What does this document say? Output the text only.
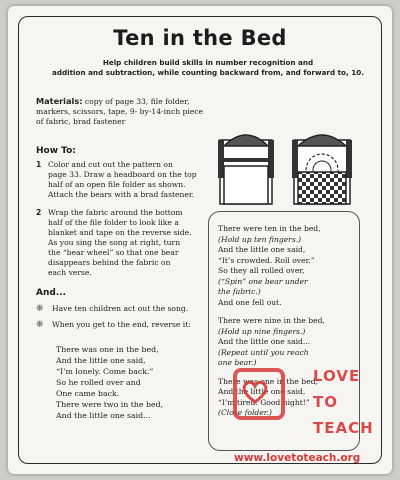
Ten in the Bed
Help children build skills in number recognition and
addition and subtraction, while counting backward from, and forward to, 10.
Materials: copy of page 33, file folder,
markers, scissors, tape, 9- by-14-inch piece
of fabric, brad fastener
How To:
1 Color and cut out the pattern on
page 33. Draw a headboard on the top
half of an open file folder as shown.
Attach the bears with a brad fastener.
2 Wrap the fabric around the bottom
half of the file folder to look like a
blanket and tape on the reverse side.
As you sing the song at right, turn
the “bear wheel” so that one bear
disappears behind the fabric on
each verse.
And...
❋ Have ten children act out the song.
❋ When you get to the end, reverse it:
There was one in the bed,
And the little one said,
“I’m lonely. Come back.”
So he rolled over and
One came back.
There were two in the bed,
And the little one said...
There were ten in the bed,
(Hold up ten fingers.)
And the little one said,
“It’s crowded. Roll over.”
So they all rolled over,
(“Spin” one bear under
the fabric.)
And one fell out.
There were nine in the bed,
(Hold up nine fingers.)
And the little one said...
(Repeat until you reach
one bear.)
There was one in the bed,
And the little one said,
“I’m tired. Good night!”
(Close folder.)
LOVE
TO
TEACH
www.lovetoteach.org
